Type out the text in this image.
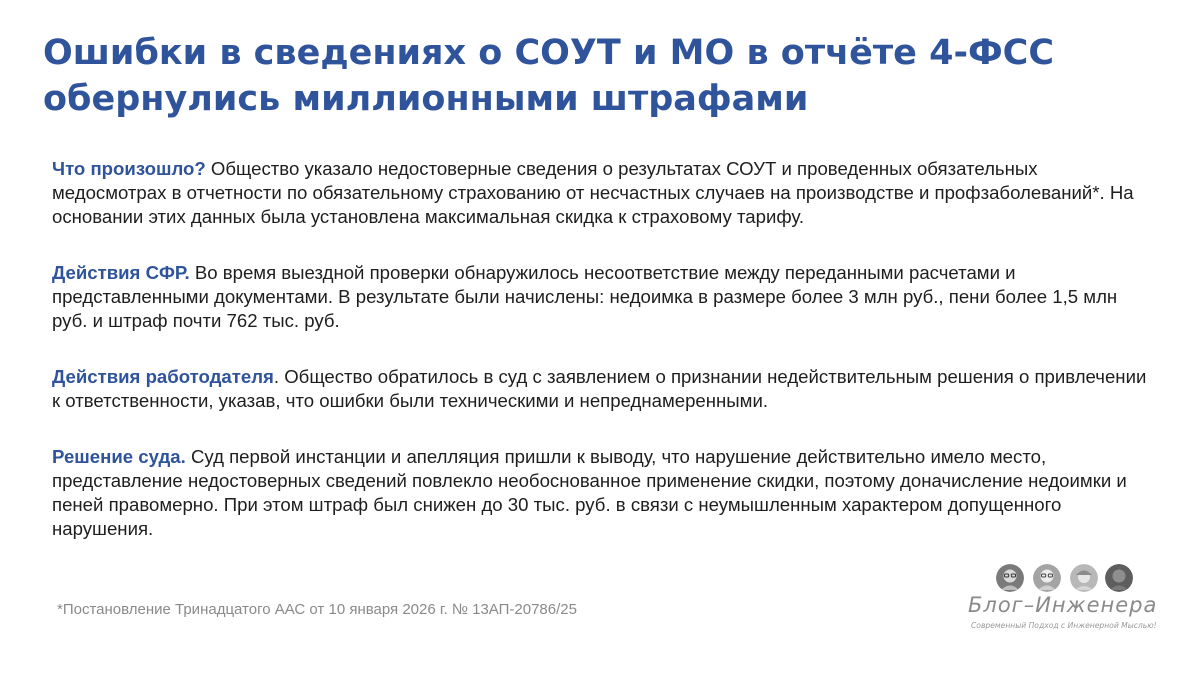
Ошибки в сведениях о СОУТ и МО в отчёте 4-ФСС обернулись миллионными штрафами

Что произошло? Общество указало недостоверные сведения о результатах СОУТ и проведенных обязательных медосмотрах в отчетности по обязательному страхованию от несчастных случаев на производстве и профзаболеваний*. На основании этих данных была установлена максимальная скидка к страховому тарифу.

Действия СФР. Во время выездной проверки обнаружилось несоответствие между переданными расчетами и представленными документами. В результате были начислены: недоимка в размере более 3 млн руб., пени более 1,5 млн руб. и штраф почти 762 тыс. руб.

Действия работодателя. Общество обратилось в суд с заявлением о признании недействительным решения о привлечении к ответственности, указав, что ошибки были техническими и непреднамеренными.

Решение суда. Суд первой инстанции и апелляция пришли к выводу, что нарушение действительно имело место, представление недостоверных сведений повлекло необоснованное применение скидки, поэтому доначисление недоимки и пеней правомерно. При этом штраф был снижен до 30 тыс. руб. в связи с неумышленным характером допущенного нарушения.

*Постановление Тринадцатого ААС от 10 января 2026 г. № 13АП-20786/25	Блог–Инженера
Современный Подход с Инженерной Мыслью!
